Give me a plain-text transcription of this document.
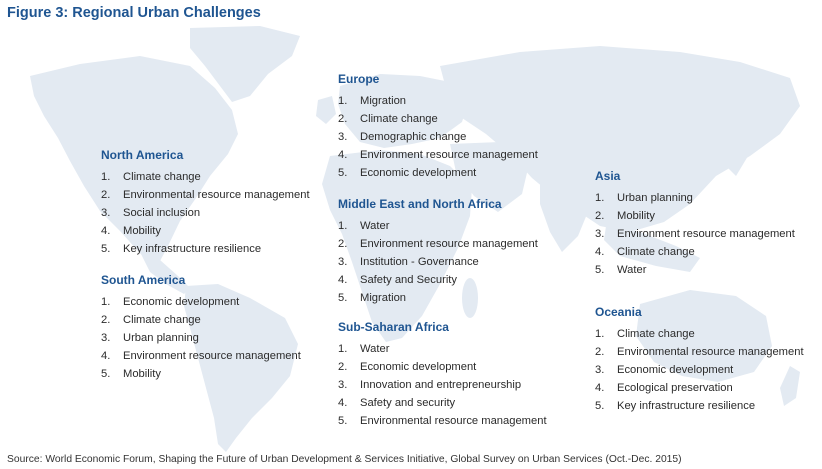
Figure 3: Regional Urban Challenges
North America
1. Climate change
2. Environmental resource management
3. Social inclusion
4. Mobility
5. Key infrastructure resilience
South America
1. Economic development
2. Climate change
3. Urban planning
4. Environment resource management
5. Mobility
Europe
1. Migration
2. Climate change
3. Demographic change
4. Environment resource management
5. Economic development
Middle East and North Africa
1. Water
2. Environment resource management
3. Institution - Governance
4. Safety and Security
5. Migration
Sub-Saharan Africa
1. Water
2. Economic development
3. Innovation and entrepreneurship
4. Safety and security
5. Environmental resource management
Asia
1. Urban planning
2. Mobility
3. Environment resource management
4. Climate change
5. Water
Oceania
1. Climate change
2. Environmental resource management
3. Economic development
4. Ecological preservation
5. Key infrastructure resilience
Source: World Economic Forum, Shaping the Future of Urban Development & Services Initiative, Global Survey on Urban Services (Oct.-Dec. 2015)
